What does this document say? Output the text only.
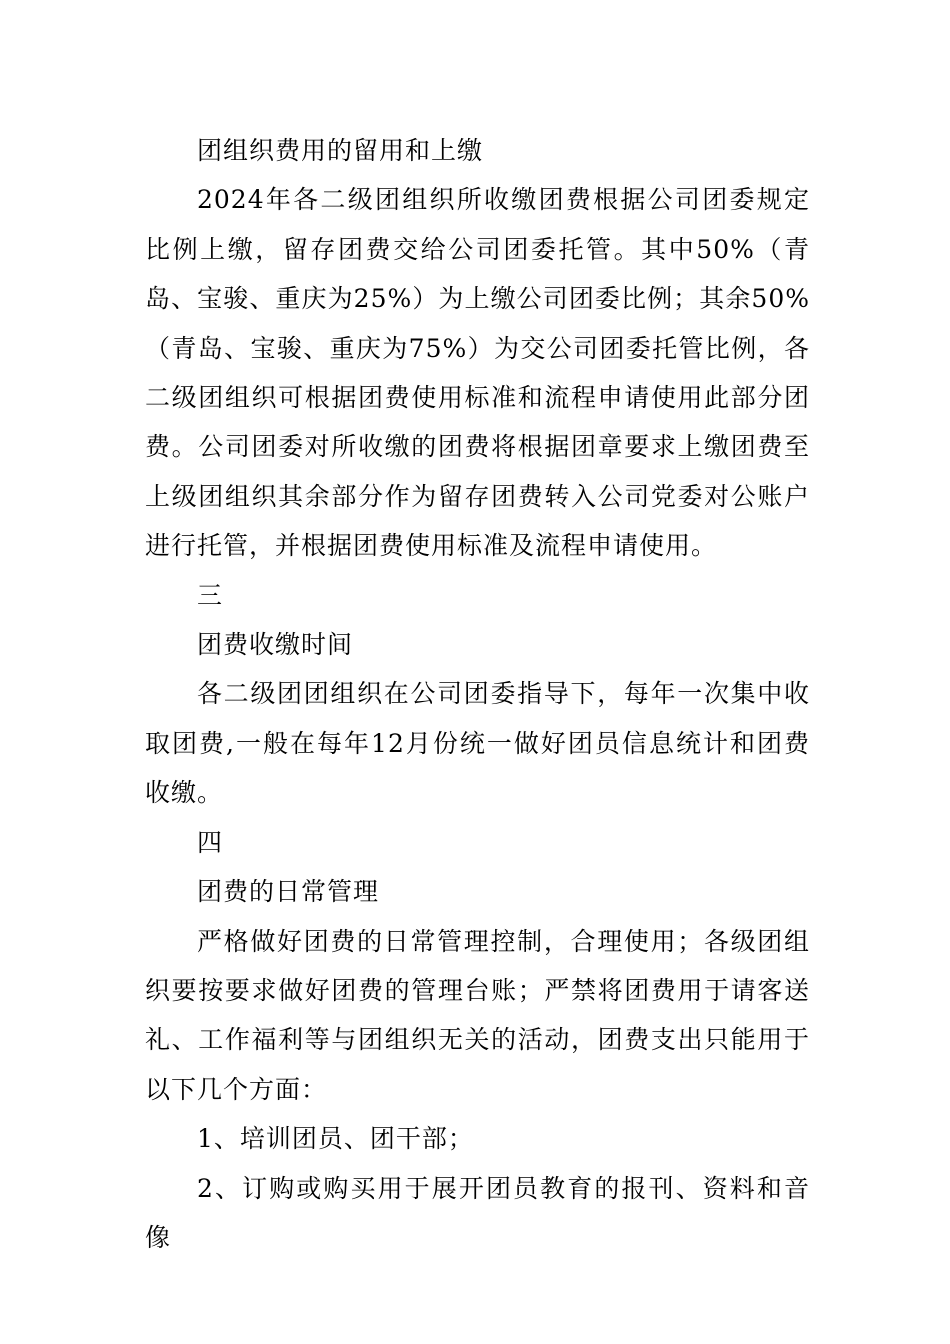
团组织费用的留用和上缴

2024年各二级团组织所收缴团费根据公司团委规定比例上缴，留存团费交给公司团委托管。其中50%（青岛、宝骏、重庆为25%）为上缴公司团委比例；其余50%（青岛、宝骏、重庆为75%）为交公司团委托管比例，各二级团组织可根据团费使用标准和流程申请使用此部分团费。公司团委对所收缴的团费将根据团章要求上缴团费至上级团组织其余部分作为留存团费转入公司党委对公账户进行托管，并根据团费使用标准及流程申请使用。

三

团费收缴时间

各二级团团组织在公司团委指导下，每年一次集中收取团费,一般在每年12月份统一做好团员信息统计和团费收缴。

四

团费的日常管理

严格做好团费的日常管理控制，合理使用；各级团组织要按要求做好团费的管理台账；严禁将团费用于请客送礼、工作福利等与团组织无关的活动，团费支出只能用于以下几个方面：

1、培训团员、团干部；

2、订购或购买用于展开团员教育的报刊、资料和音像
